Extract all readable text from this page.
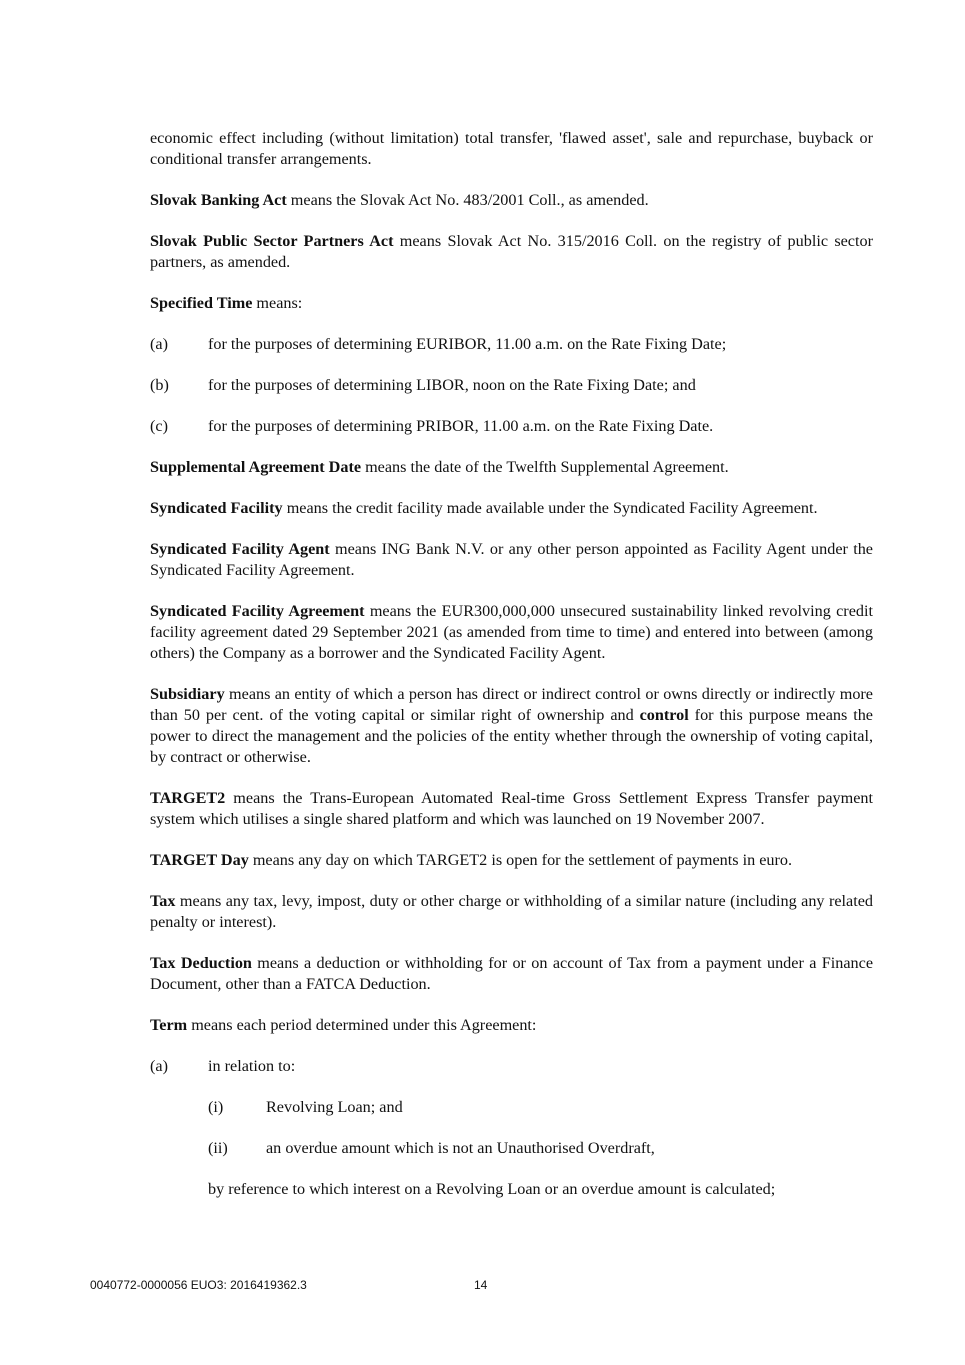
economic effect including (without limitation) total transfer, 'flawed asset', sale and repurchase, buyback or conditional transfer arrangements.

Slovak Banking Act means the Slovak Act No. 483/2001 Coll., as amended.

Slovak Public Sector Partners Act means Slovak Act No. 315/2016 Coll. on the registry of public sector partners, as amended.

Specified Time means:

(a) for the purposes of determining EURIBOR, 11.00 a.m. on the Rate Fixing Date;

(b) for the purposes of determining LIBOR, noon on the Rate Fixing Date; and

(c) for the purposes of determining PRIBOR, 11.00 a.m. on the Rate Fixing Date.

Supplemental Agreement Date means the date of the Twelfth Supplemental Agreement.

Syndicated Facility means the credit facility made available under the Syndicated Facility Agreement.

Syndicated Facility Agent means ING Bank N.V. or any other person appointed as Facility Agent under the Syndicated Facility Agreement.

Syndicated Facility Agreement means the EUR300,000,000 unsecured sustainability linked revolving credit facility agreement dated 29 September 2021 (as amended from time to time) and entered into between (among others) the Company as a borrower and the Syndicated Facility Agent.

Subsidiary means an entity of which a person has direct or indirect control or owns directly or indirectly more than 50 per cent. of the voting capital or similar right of ownership and control for this purpose means the power to direct the management and the policies of the entity whether through the ownership of voting capital, by contract or otherwise.

TARGET2 means the Trans-European Automated Real-time Gross Settlement Express Transfer payment system which utilises a single shared platform and which was launched on 19 November 2007.

TARGET Day means any day on which TARGET2 is open for the settlement of payments in euro.

Tax means any tax, levy, impost, duty or other charge or withholding of a similar nature (including any related penalty or interest).

Tax Deduction means a deduction or withholding for or on account of Tax from a payment under a Finance Document, other than a FATCA Deduction.

Term means each period determined under this Agreement:

(a) in relation to:

(i)	Revolving Loan; and

(ii) an overdue amount which is not an Unauthorised Overdraft,

by reference to which interest on a Revolving Loan or an overdue amount is calculated;

0040772-0000056 EUO3: 2016419362.3	14
